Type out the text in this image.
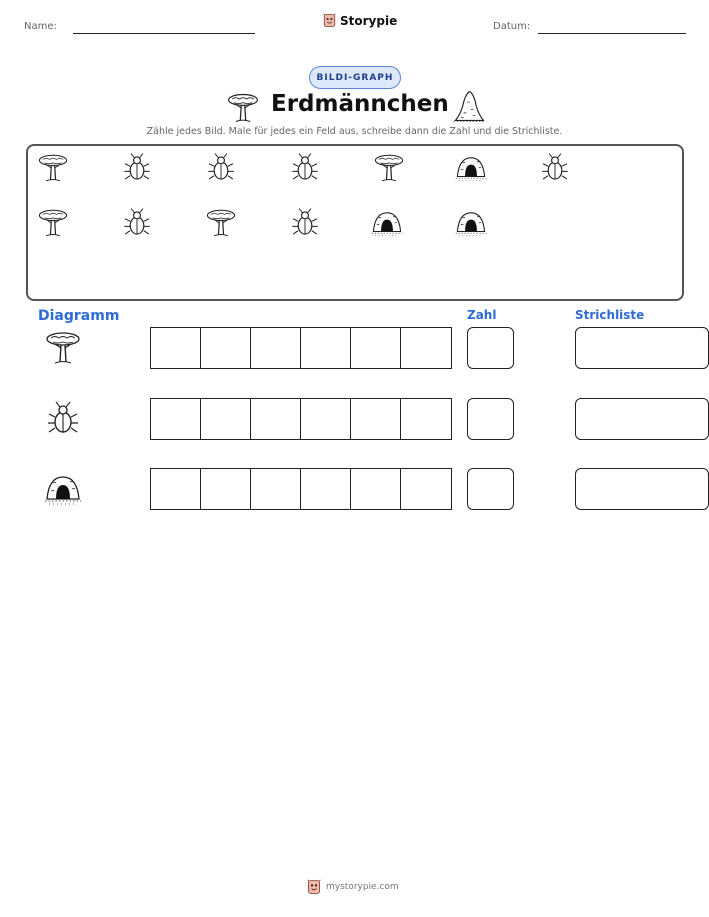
Name:	Storypie	Datum:
BILDI-GRAPH
Erdmännchen
Zähle jedes Bild. Male für jedes ein Feld aus, schreibe dann die Zahl und die Strichliste.
Diagramm	Zahl	Strichliste
mystorypie.com
